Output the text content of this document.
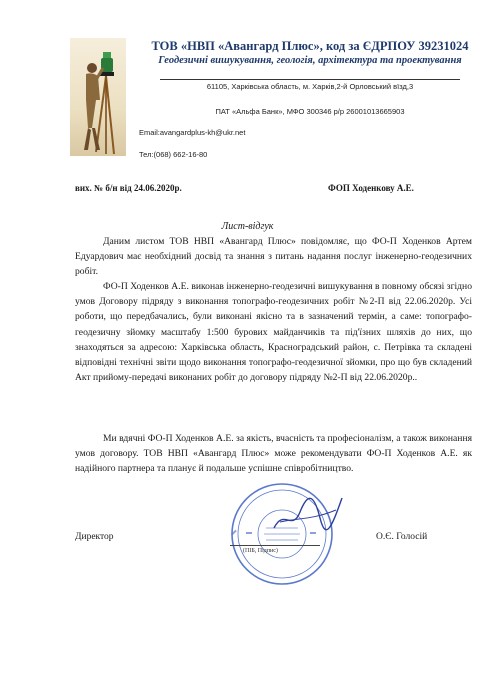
ТОВ «НВП «Авангард Плюс», код за ЄДРПОУ 39231024
Геодезичні вишукування, геологія, архітектура та проектування
61105, Харківська область, м. Харків,2-й Орловський вїзд,3
ПАТ «Альфа Банк», МФО 300346 р/р 26001013665903
Email:avangardplus-kh@ukr.net
Тел:(068) 662-16-80
вих. № б/н від 24.06.2020р.	ФОП Ходенкову А.Е.
Лист-відгук
Даним листом ТОВ НВП «Авангард Плюс» повідомляє, що ФО-П Ходенков Артем Едуардович має необхідний досвід та знання з питань надання послуг інженерно-геодезичних робіт.
ФО-П Ходенков А.Е. виконав інженерно-геодезичні вишукування в повному обсязі згідно умов Договору підряду з виконання топографо-геодезичних робіт №2-П від 22.06.2020р. Усі роботи, що передбачались, були виконані якісно та в зазначений термін, а саме: топографо-геодезичну зйомку масштабу 1:500 бурових майданчиків та під'їзних шляхів до них, що знаходяться за адресою: Харківська область, Красноградський район, с. Петрівка та складені відповідні технічні звіти щодо виконання топографо-геодезичної зйомки, про що був складений Акт прийому-передачі виконаних робіт до договору підряду №2-П від 22.06.2020р..
Ми вдячні ФО-П Ходенков А.Е. за якість, вчасність та професіоналізм, а також виконання умов договору. ТОВ НВП «Авангард Плюс» може рекомендувати ФО-П Ходенков А.Е. як надійного партнера та планує й подальше успішне співробітництво.
Директор
(ПІБ, Підпис)
О.Є. Голосій
